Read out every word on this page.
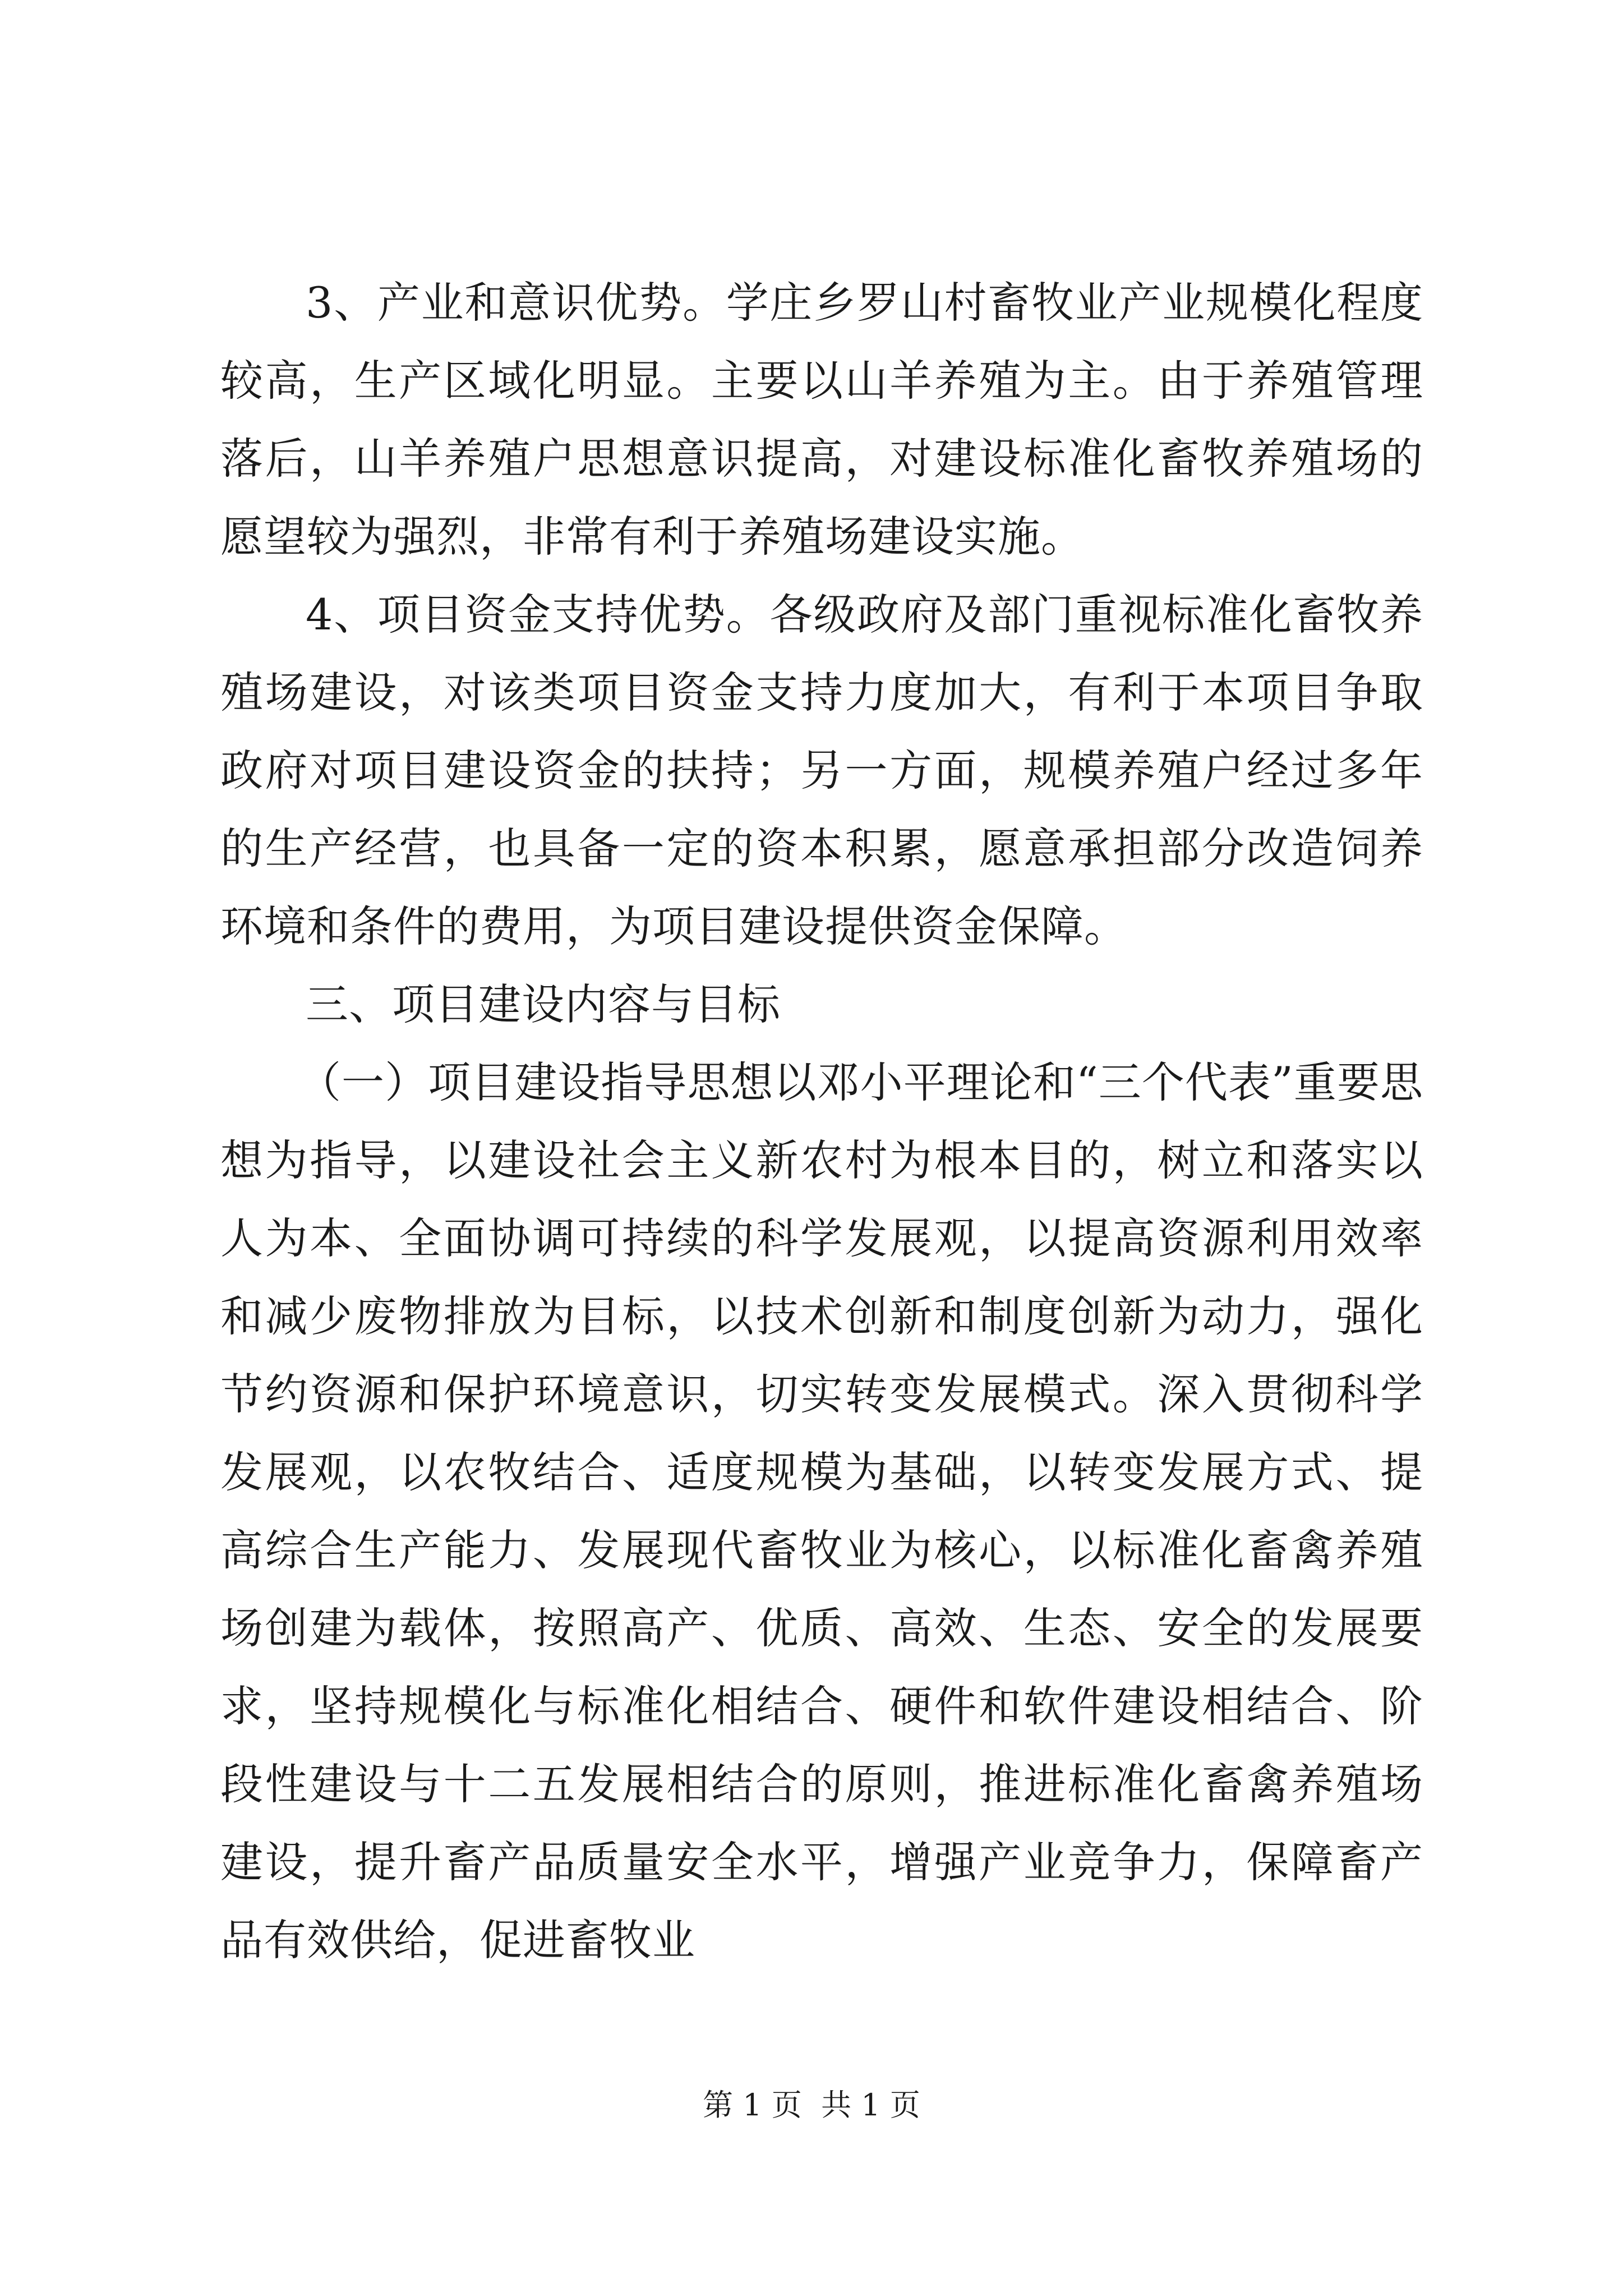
3、产业和意识优势。学庄乡罗山村畜牧业产业规模化程度较高，生产区域化明显。主要以山羊养殖为主。由于养殖管理落后，山羊养殖户思想意识提高，对建设标准化畜牧养殖场的愿望较为强烈，非常有利于养殖场建设实施。

4、项目资金支持优势。各级政府及部门重视标准化畜牧养殖场建设，对该类项目资金支持力度加大，有利于本项目争取政府对项目建设资金的扶持；另一方面，规模养殖户经过多年的生产经营，也具备一定的资本积累，愿意承担部分改造饲养环境和条件的费用，为项目建设提供资金保障。

三、项目建设内容与目标

（一）项目建设指导思想以邓小平理论和“三个代表”重要思想为指导，以建设社会主义新农村为根本目的，树立和落实以人为本、全面协调可持续的科学发展观，以提高资源利用效率和减少废物排放为目标，以技术创新和制度创新为动力，强化节约资源和保护环境意识，切实转变发展模式。深入贯彻科学发展观，以农牧结合、适度规模为基础，以转变发展方式、提高综合生产能力、发展现代畜牧业为核心，以标准化畜禽养殖场创建为载体，按照高产、优质、高效、生态、安全的发展要求，坚持规模化与标准化相结合、硬件和软件建设相结合、阶段性建设与十二五发展相结合的原则，推进标准化畜禽养殖场建设，提升畜产品质量安全水平，增强产业竞争力，保障畜产品有效供给，促进畜牧业

第 1 页  共 1 页
